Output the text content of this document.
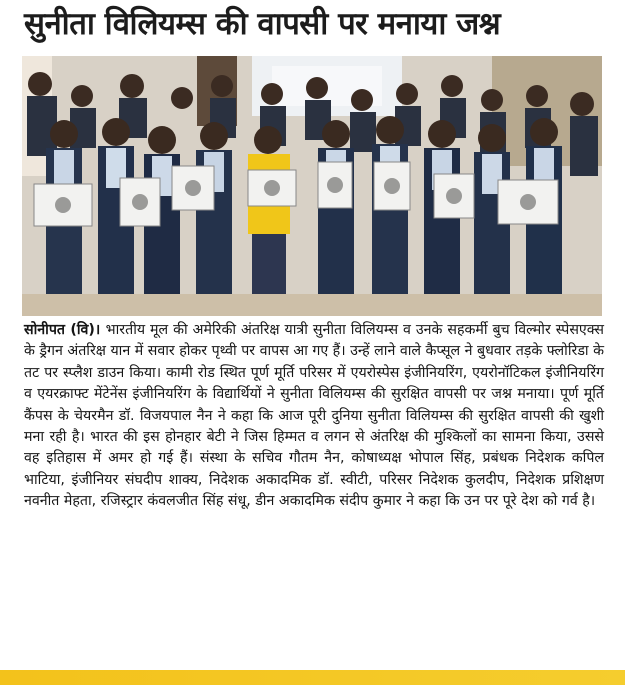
सुनीता विलियम्स की वापसी पर मनाया जश्न
सोनीपत (वि)। भारतीय मूल की अमेरिकी अंतरिक्ष यात्री सुनीता विलियम्स व उनके सहकर्मी बुच विल्मोर स्पेसएक्स के ड्रैगन अंतरिक्ष यान में सवार होकर पृथ्वी पर वापस आ गए हैं। उन्हें लाने वाले कैप्सूल ने बुधवार तड़के फ्लोरिडा के तट पर स्प्लैश डाउन किया। कामी रोड स्थित पूर्ण मूर्ति परिसर में एयरोस्पेस इंजीनियरिंग, एयरोनॉटिकल इंजीनियरिंग व एयरक्राफ्ट मेंटेनेंस इंजीनियरिंग के विद्यार्थियों ने सुनीता विलियम्स की सुरक्षित वापसी पर जश्न मनाया। पूर्ण मूर्ति कैंपस के चेयरमैन डॉ. विजयपाल नैन ने कहा कि आज पूरी दुनिया सुनीता विलियम्स की सुरक्षित वापसी की खुशी मना रही है। भारत की इस होनहार बेटी ने जिस हिम्मत व लगन से अंतरिक्ष की मुश्किलों का सामना किया, उससे वह इतिहास में अमर हो गई हैं। संस्था के सचिव गौतम नैन, कोषाध्यक्ष भोपाल सिंह, प्रबंधक निदेशक कपिल भाटिया, इंजीनियर संघदीप शाक्य, निदेशक अकादमिक डॉ. स्वीटी, परिसर निदेशक कुलदीप, निदेशक प्रशिक्षण नवनीत मेहता, रजिस्ट्रार कंवलजीत सिंह संधू, डीन अकादमिक संदीप कुमार ने कहा कि उन पर पूरे देश को गर्व है।
